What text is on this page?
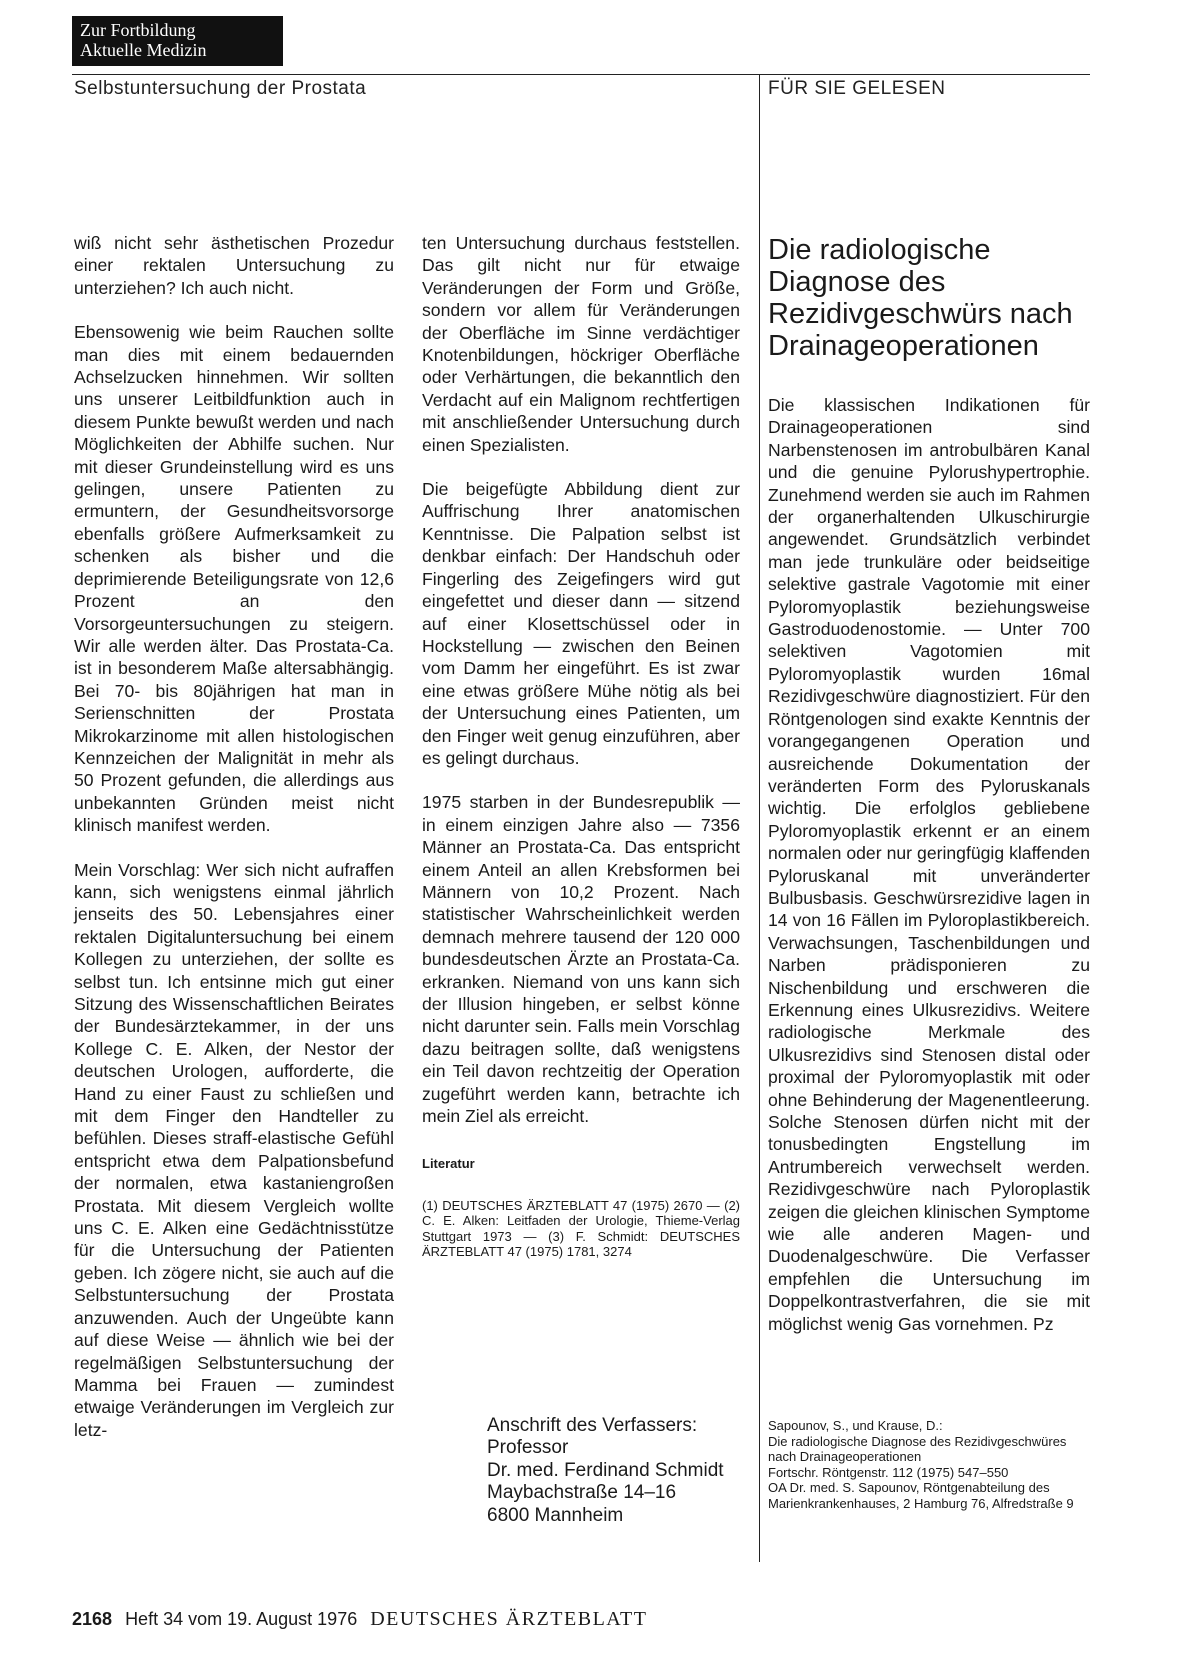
Zur Fortbildung
Aktuelle Medizin
Selbstuntersuchung der Prostata	FÜR SIE GELESEN

wiß nicht sehr ästhetischen Prozedur einer rektalen Untersuchung zu unterziehen? Ich auch nicht.

Ebensowenig wie beim Rauchen sollte man dies mit einem bedauernden Achselzucken hinnehmen. Wir sollten uns unserer Leitbildfunktion auch in diesem Punkte bewußt werden und nach Möglichkeiten der Abhilfe suchen. Nur mit dieser Grundeinstellung wird es uns gelingen, unsere Patienten zu ermuntern, der Gesundheitsvorsorge ebenfalls größere Aufmerksamkeit zu schenken als bisher und die deprimierende Beteiligungsrate von 12,6 Prozent an den Vorsorgeuntersuchungen zu steigern. Wir alle werden älter. Das Prostata-Ca. ist in besonderem Maße altersabhängig. Bei 70- bis 80jährigen hat man in Serienschnitten der Prostata Mikrokarzinome mit allen histologischen Kennzeichen der Malignität in mehr als 50 Prozent gefunden, die allerdings aus unbekannten Gründen meist nicht klinisch manifest werden.

Mein Vorschlag: Wer sich nicht aufraffen kann, sich wenigstens einmal jährlich jenseits des 50. Lebensjahres einer rektalen Digitaluntersuchung bei einem Kollegen zu unterziehen, der sollte es selbst tun. Ich entsinne mich gut einer Sitzung des Wissenschaftlichen Beirates der Bundesärztekammer, in der uns Kollege C. E. Alken, der Nestor der deutschen Urologen, aufforderte, die Hand zu einer Faust zu schließen und mit dem Finger den Handteller zu befühlen. Dieses straff-elastische Gefühl entspricht etwa dem Palpationsbefund der normalen, etwa kastaniengroßen Prostata. Mit diesem Vergleich wollte uns C. E. Alken eine Gedächtnisstütze für die Untersuchung der Patienten geben. Ich zögere nicht, sie auch auf die Selbstuntersuchung der Prostata anzuwenden. Auch der Ungeübte kann auf diese Weise — ähnlich wie bei der regelmäßigen Selbstuntersuchung der Mamma bei Frauen — zumindest etwaige Veränderungen im Vergleich zur letz-

ten Untersuchung durchaus feststellen. Das gilt nicht nur für etwaige Veränderungen der Form und Größe, sondern vor allem für Veränderungen der Oberfläche im Sinne verdächtiger Knotenbildungen, höckriger Oberfläche oder Verhärtungen, die bekanntlich den Verdacht auf ein Malignom rechtfertigen mit anschließender Untersuchung durch einen Spezialisten.

Die beigefügte Abbildung dient zur Auffrischung Ihrer anatomischen Kenntnisse. Die Palpation selbst ist denkbar einfach: Der Handschuh oder Fingerling des Zeigefingers wird gut eingefettet und dieser dann — sitzend auf einer Klosettschüssel oder in Hockstellung — zwischen den Beinen vom Damm her eingeführt. Es ist zwar eine etwas größere Mühe nötig als bei der Untersuchung eines Patienten, um den Finger weit genug einzuführen, aber es gelingt durchaus.

1975 starben in der Bundesrepublik — in einem einzigen Jahre also — 7356 Männer an Prostata-Ca. Das entspricht einem Anteil an allen Krebsformen bei Männern von 10,2 Prozent. Nach statistischer Wahrscheinlichkeit werden demnach mehrere tausend der 120 000 bundesdeutschen Ärzte an Prostata-Ca. erkranken. Niemand von uns kann sich der Illusion hingeben, er selbst könne nicht darunter sein. Falls mein Vorschlag dazu beitragen sollte, daß wenigstens ein Teil davon rechtzeitig der Operation zugeführt werden kann, betrachte ich mein Ziel als erreicht.

Literatur

(1) DEUTSCHES ÄRZTEBLATT 47 (1975) 2670 — (2) C. E. Alken: Leitfaden der Urologie, Thieme-Verlag Stuttgart 1973 — (3) F. Schmidt: DEUTSCHES ÄRZTEBLATT 47 (1975) 1781, 3274

Anschrift des Verfassers:
Professor
Dr. med. Ferdinand Schmidt
Maybachstraße 14–16
6800 Mannheim
Die radiologische Diagnose des Rezidivgeschwürs nach Drainageoperationen

Die klassischen Indikationen für Drainageoperationen sind Narbenstenosen im antrobulbären Kanal und die genuine Pylorushypertrophie. Zunehmend werden sie auch im Rahmen der organerhaltenden Ulkuschirurgie angewendet. Grundsätzlich verbindet man jede trunkuläre oder beidseitige selektive gastrale Vagotomie mit einer Pyloromyoplastik beziehungsweise Gastroduodenostomie. — Unter 700 selektiven Vagotomien mit Pyloromyoplastik wurden 16mal Rezidivgeschwüre diagnostiziert. Für den Röntgenologen sind exakte Kenntnis der vorangegangenen Operation und ausreichende Dokumentation der veränderten Form des Pyloruskanals wichtig. Die erfolglos gebliebene Pyloromyoplastik erkennt er an einem normalen oder nur geringfügig klaffenden Pyloruskanal mit unveränderter Bulbusbasis. Geschwürsrezidive lagen in 14 von 16 Fällen im Pyloroplastikbereich. Verwachsungen, Taschenbildungen und Narben prädisponieren zu Nischenbildung und erschweren die Erkennung eines Ulkusrezidivs. Weitere radiologische Merkmale des Ulkusrezidivs sind Stenosen distal oder proximal der Pyloromyoplastik mit oder ohne Behinderung der Magenentleerung. Solche Stenosen dürfen nicht mit der tonusbedingten Engstellung im Antrumbereich verwechselt werden. Rezidivgeschwüre nach Pyloroplastik zeigen die gleichen klinischen Symptome wie alle anderen Magen- und Duodenalgeschwüre. Die Verfasser empfehlen die Untersuchung im Doppelkontrastverfahren, die sie mit möglichst wenig Gas vornehmen. Pz

Sapounov, S., und Krause, D.:
Die radiologische Diagnose des Rezidivgeschwüres nach Drainageoperationen
Fortschr. Röntgenstr. 112 (1975) 547–550
OA Dr. med. S. Sapounov, Röntgenabteilung des Marienkrankenhauses, 2 Hamburg 76, Alfredstraße 9
2168 Heft 34 vom 19. August 1976 DEUTSCHES ÄRZTEBLATT
